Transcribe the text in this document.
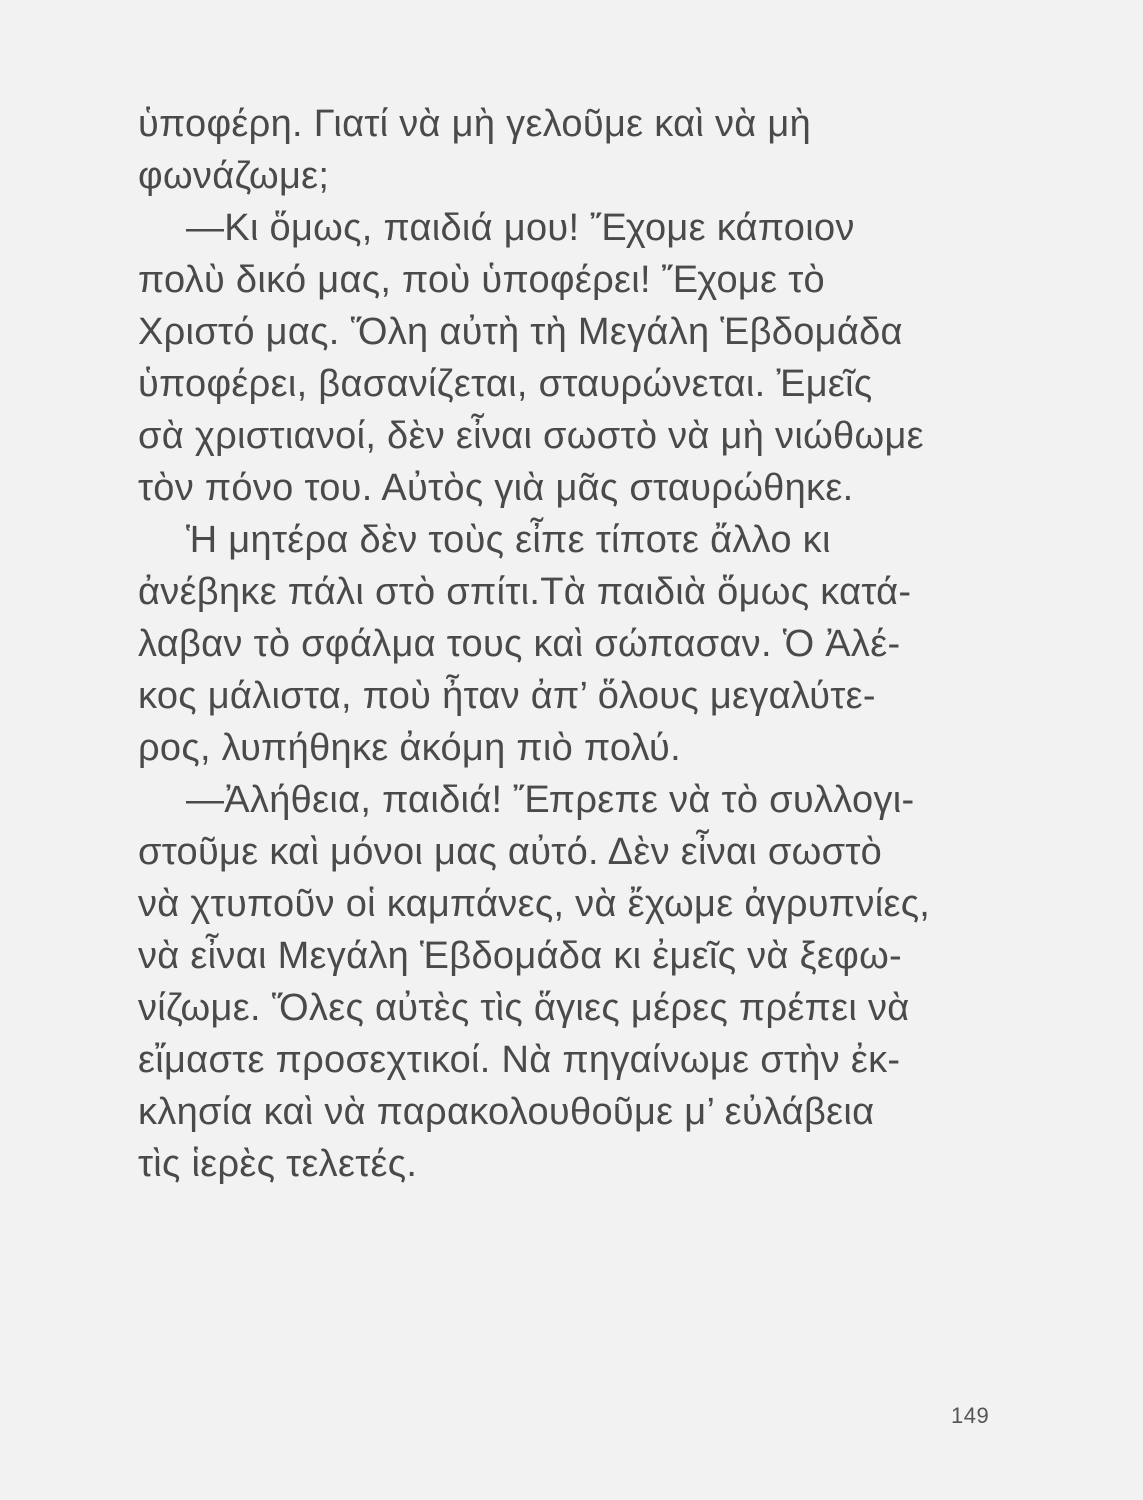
ὑποφέρη. Γιατί νὰ μὴ γελοῦμε καὶ νὰ μὴ
φωνάζωμε;
—Κι ὅμως, παιδιά μου! Ἔχομε κάποιον
πολὺ δικό μας, ποὺ ὑποφέρει! Ἔχομε τὸ
Χριστό μας. Ὅλη αὐτὴ τὴ Μεγάλη Ἑβδομάδα
ὑποφέρει, βασανίζεται, σταυρώνεται. Ἐμεῖς
σὰ χριστιανοί, δὲν εἶναι σωστὸ νὰ μὴ νιώθωμε
τὸν πόνο του. Αὐτὸς γιὰ μᾶς σταυρώθηκε.
Ἡ μητέρα δὲν τοὺς εἶπε τίποτε ἄλλο κι
ἀνέβηκε πάλι στὸ σπίτι.Τὰ παιδιὰ ὅμως κατά-
λαβαν τὸ σφάλμα τους καὶ σώπασαν. Ὁ Ἀλέ-
κος μάλιστα, ποὺ ἦταν ἀπ’ ὅλους μεγαλύτε-
ρος, λυπήθηκε ἀκόμη πιὸ πολύ.
—Ἀλήθεια, παιδιά! Ἔπρεπε νὰ τὸ συλλογι-
στοῦμε καὶ μόνοι μας αὐτό. Δὲν εἶναι σωστὸ
νὰ χτυποῦν οἱ καμπάνες, νὰ ἔχωμε ἀγρυπνίες,
νὰ εἶναι Μεγάλη Ἑβδομάδα κι ἐμεῖς νὰ ξεφω-
νίζωμε. Ὅλες αὐτὲς τὶς ἅγιες μέρες πρέπει νὰ
εἴμαστε προσεχτικοί. Νὰ πηγαίνωμε στὴν ἐκ-
κλησία καὶ νὰ παρακολουθοῦμε μ’ εὐλάβεια
τὶς ἱερὲς τελετές.
149
